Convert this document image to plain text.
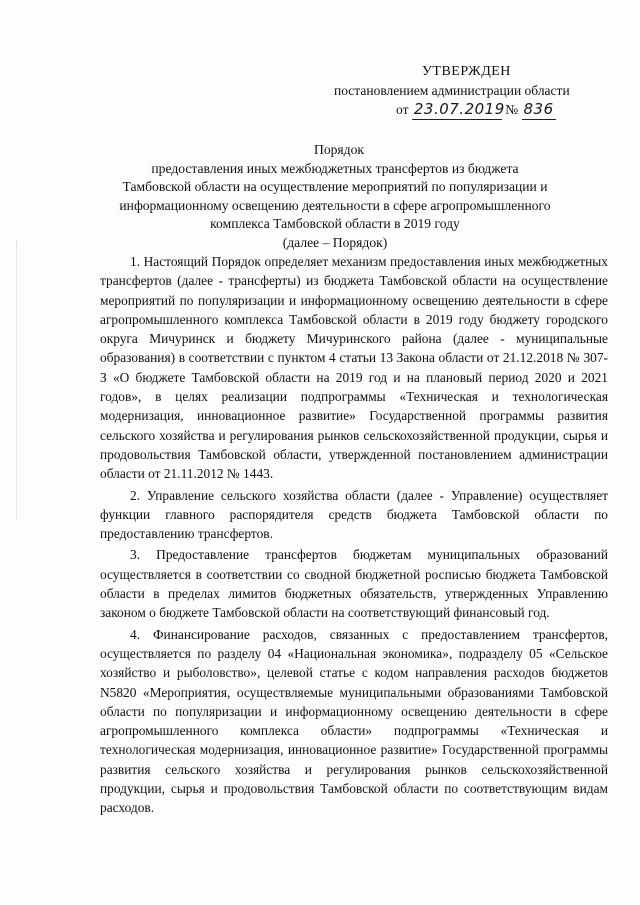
УТВЕРЖДЕН
постановлением администрации области
от 23.07.2019 № 836
Порядок
предоставления иных межбюджетных трансфертов из бюджета
Тамбовской области на осуществление мероприятий по популяризации и
информационному освещению деятельности в сфере агропромышленного
комплекса Тамбовской области в 2019 году
(далее – Порядок)

1. Настоящий Порядок определяет механизм предоставления иных межбюджетных трансфертов (далее - трансферты) из бюджета Тамбовской области на осуществление мероприятий по популяризации и информационному освещению деятельности в сфере агропромышленного комплекса Тамбовской области в 2019 году бюджету городского округа Мичуринск и бюджету Мичуринского района (далее - муниципальные образования) в соответствии с пунктом 4 статьи 13 Закона области от 21.12.2018 № 307-З «О бюджете Тамбовской области на 2019 год и на плановый период 2020 и 2021 годов», в целях реализации подпрограммы «Техническая и технологическая модернизация, инновационное развитие» Государственной программы развития сельского хозяйства и регулирования рынков сельскохозяйственной продукции, сырья и продовольствия Тамбовской области, утвержденной постановлением администрации области от 21.11.2012 № 1443.

2. Управление сельского хозяйства области (далее - Управление) осуществляет функции главного распорядителя средств бюджета Тамбовской области по предоставлению трансфертов.

3. Предоставление трансфертов бюджетам муниципальных образований осуществляется в соответствии со сводной бюджетной росписью бюджета Тамбовской области в пределах лимитов бюджетных обязательств, утвержденных Управлению законом о бюджете Тамбовской области на соответствующий финансовый год.

4. Финансирование расходов, связанных с предоставлением трансфертов, осуществляется по разделу 04 «Национальная экономика», подразделу 05 «Сельское хозяйство и рыболовство», целевой статье с кодом направления расходов бюджетов N5820 «Мероприятия, осуществляемые муниципальными образованиями Тамбовской области по популяризации и информационному освещению деятельности в сфере агропромышленного комплекса области» подпрограммы «Техническая и технологическая модернизация, инновационное развитие» Государственной программы развития сельского хозяйства и регулирования рынков сельскохозяйственной продукции, сырья и продовольствия Тамбовской области по соответствующим видам расходов.
